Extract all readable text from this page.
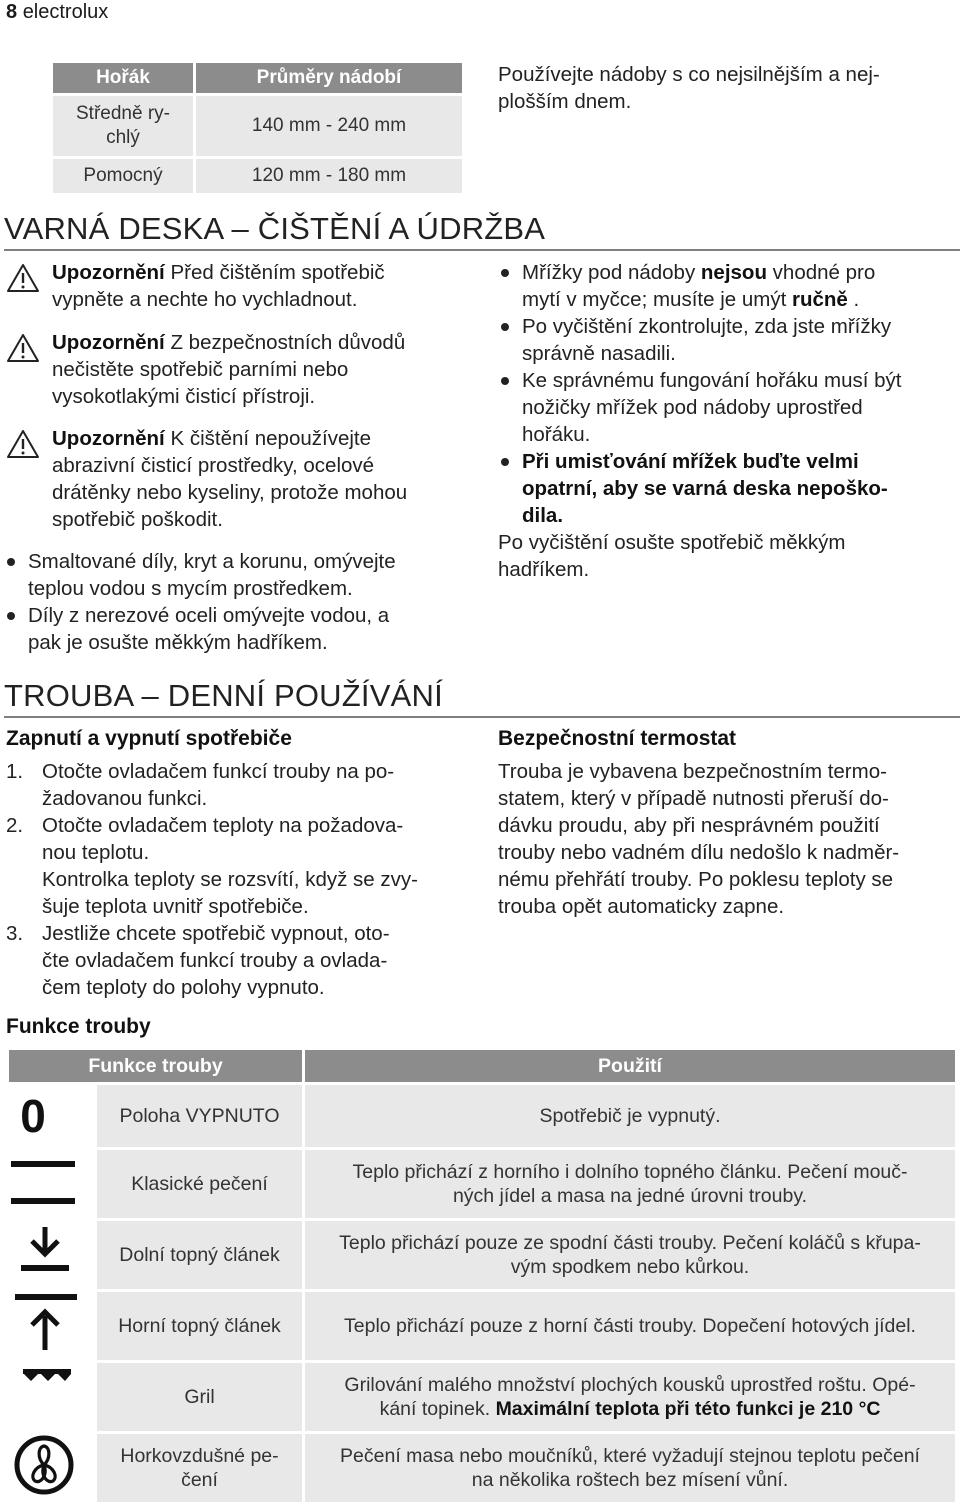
8 electrolux
Hořák	Průměry nádobí
Středně ry-
chlý	140 mm - 240 mm
Pomocný	120 mm - 180 mm
Používejte nádoby s co nejsilnějším a nej-
plošším dnem.
VARNÁ DESKA – ČIŠTĚNÍ A ÚDRŽBA
Upozornění Před čištěním spotřebič
vypněte a nechte ho vychladnout.
Upozornění Z bezpečnostních důvodů
nečistěte spotřebič parními nebo
vysokotlakými čisticí přístroji.
Upozornění K čištění nepoužívejte
abrazivní čisticí prostředky, ocelové
drátěnky nebo kyseliny, protože mohou
spotřebič poškodit.
Smaltované díly, kryt a korunu, omývejte
teplou vodou s mycím prostředkem.
Díly z nerezové oceli omývejte vodou, a
pak je osušte měkkým hadříkem.
Mřížky pod nádoby nejsou vhodné pro
mytí v myčce; musíte je umýt ručně .
Po vyčištění zkontrolujte, zda jste mřížky
správně nasadili.
Ke správnému fungování hořáku musí být
nožičky mřížek pod nádoby uprostřed
hořáku.
Při umisťování mřížek buďte velmi
opatrní, aby se varná deska nepoško-
dila.
Po vyčištění osušte spotřebič měkkým
hadříkem.
TROUBA – DENNÍ POUŽÍVÁNÍ
Zapnutí a vypnutí spotřebiče
1. Otočte ovladačem funkcí trouby na po-
žadovanou funkci.
2. Otočte ovladačem teploty na požadova-
nou teplotu.
Kontrolka teploty se rozsvítí, když se zvy-
šuje teplota uvnitř spotřebiče.
3. Jestliže chcete spotřebič vypnout, oto-
čte ovladačem funkcí trouby a ovlada-
čem teploty do polohy vypnuto.
Bezpečnostní termostat
Trouba je vybavena bezpečnostním termo-
statem, který v případě nutnosti přeruší do-
dávku proudu, aby při nesprávném použití
trouby nebo vadném dílu nedošlo k nadměr-
nému přehřátí trouby. Po poklesu teploty se
trouba opět automaticky zapne.
Funkce trouby
Funkce trouby		Použití

0	Poloha VYPNUTO	Spotřebič je vypnutý.
	Klasické pečení	Teplo přichází z horního i dolního topného článku. Pečení mouč-
ných jídel a masa na jedné úrovni trouby.
	Dolní topný článek	Teplo přichází pouze ze spodní části trouby. Pečení koláčů s křupa-
vým spodkem nebo kůrkou.
	Horní topný článek	Teplo přichází pouze z horní části trouby. Dopečení hotových jídel.
	Gril	Grilování malého množství plochých kousků uprostřed roštu. Opé-
kání topinek. Maximální teplota při této funkci je 210 °C
	Horkovzdušné pe-
čení	Pečení masa nebo moučníků, které vyžadují stejnou teplotu pečení
na několika roštech bez mísení vůní.
